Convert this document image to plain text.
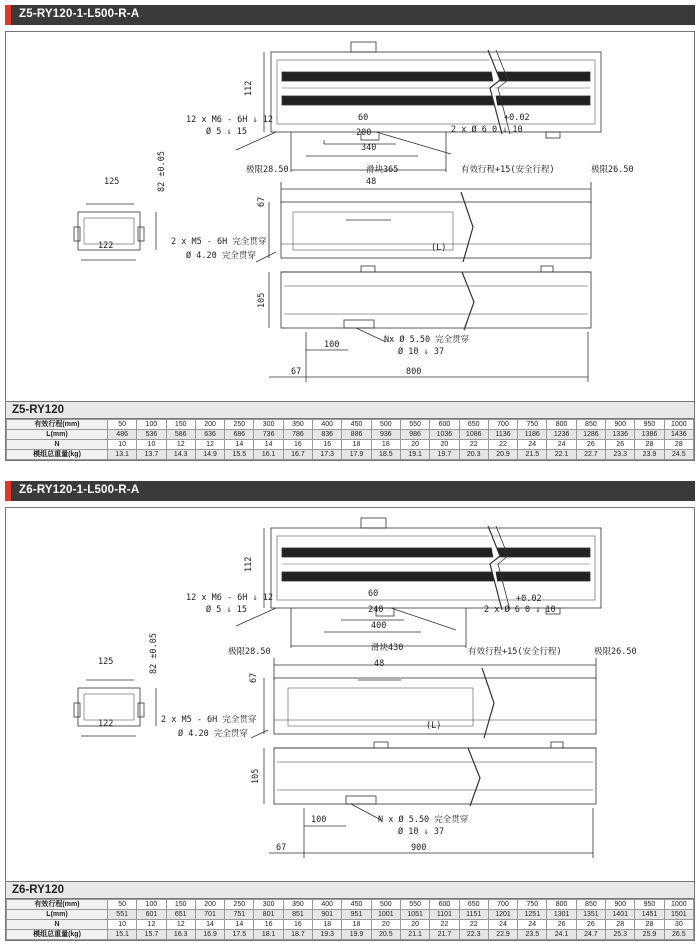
Z5-RY120-1-L500-R-A
112
12 x M6 - 6H ⇓ 12
Ø 5 ⇓ 15
60
200
340
+0.02
2 x Ø 6 0 ⇓ 10
极限28.50	滑块365	有效行程+15(安全行程)	极限26.50
48
67
(L)
2 x M5 - 6H 完全贯穿
Ø 4.20 完全贯穿
125
122
82 ±0.05
105
100
67	800
Nx Ø 5.50 完全贯穿
Ø 10 ⇓ 37
Z5-RY120
有效行程(mm)	50	100	150	200	250	300	350	400	450	500	550	600	650	700	750	800	850	900	950	1000
L(mm)	486	536	586	636	686	736	786	836	886	936	986	1036	1086	1136	1186	1236	1286	1336	1386	1436
N	10	10	12	12	14	14	16	16	18	18	20	20	22	22	24	24	26	26	28	28
模组总重量(kg)	13.1	13.7	14.3	14.9	15.5	16.1	16.7	17.3	17.9	18.5	19.1	19.7	20.3	20.9	21.5	22.1	22.7	23.3	23.9	24.5
Z6-RY120-1-L500-R-A
112
12 x M6 - 6H ⇓ 12
Ø 5 ⇓ 15
60
240
400
+0.02
2 x Ø 6 0 ⇓ 10
极限28.50	滑块430	有效行程+15(安全行程)	极限26.50
48
67
(L)
2 x M5 - 6H 完全贯穿
Ø 4.20 完全贯穿
125
122
82 ±0.05
105
100
67	900
N x Ø 5.50 完全贯穿
Ø 10 ⇓ 37
Z6-RY120
有效行程(mm)	50	100	150	200	250	300	350	400	450	500	550	600	650	700	750	800	850	900	950	1000
L(mm)	551	601	651	701	751	801	851	901	951	1001	1051	1101	1151	1201	1251	1301	1351	1401	1451	1501
N	10	12	12	14	14	16	16	18	18	20	20	22	22	24	24	26	26	28	28	30
模组总重量(kg)	15.1	15.7	16.3	16.9	17.5	18.1	18.7	19.3	19.9	20.5	21.1	21.7	22.3	22.9	23.5	24.1	24.7	25.3	25.9	26.5
